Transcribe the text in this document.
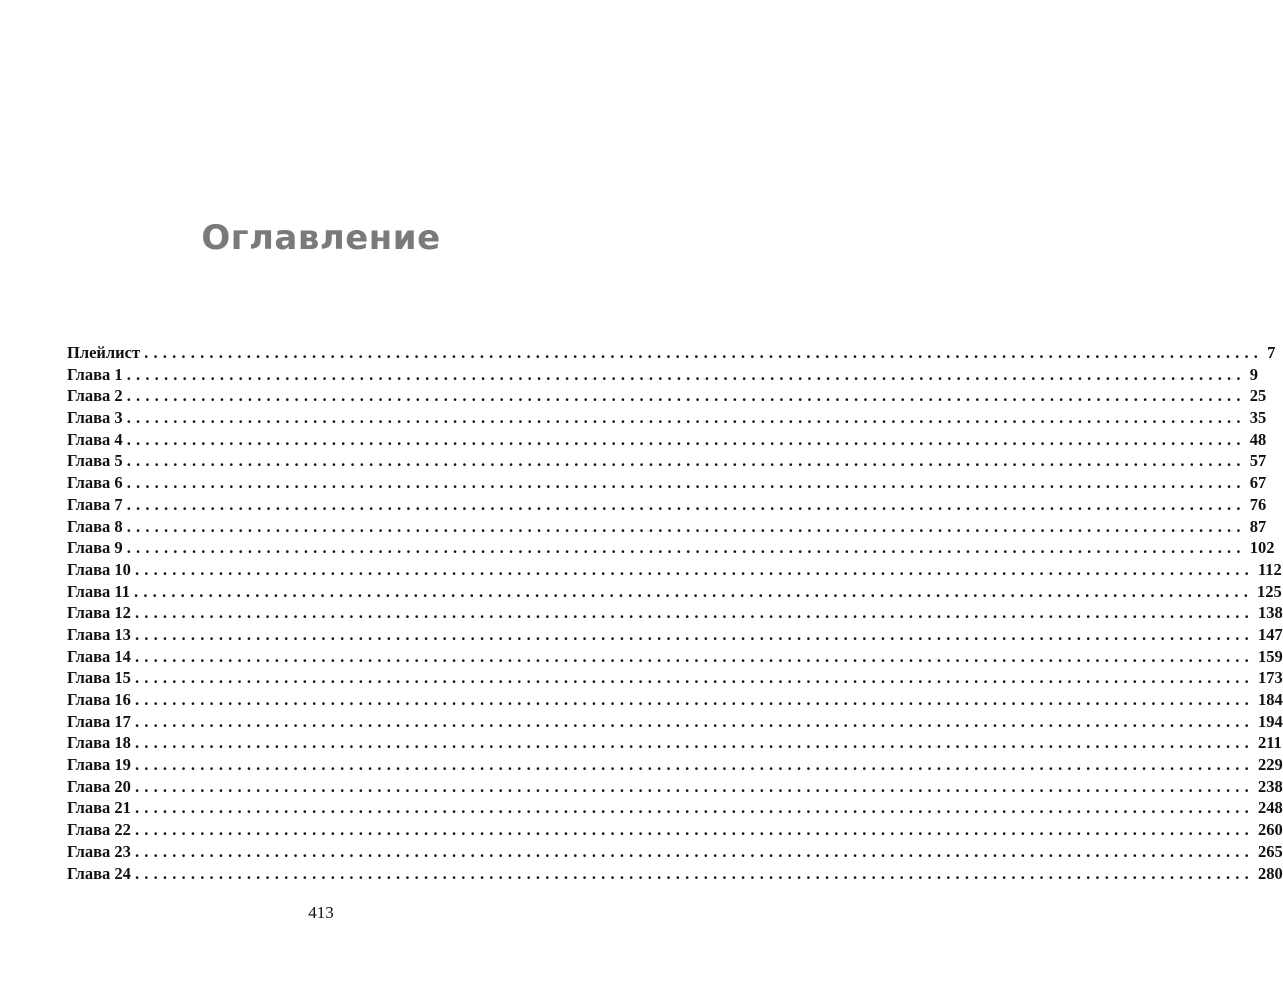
Оглавление
Плейлист ........................................................................................................................ 7
Глава 1 ........................................................................................................................ 9
Глава 2 ........................................................................................................................ 25
Глава 3 ........................................................................................................................ 35
Глава 4 ........................................................................................................................ 48
Глава 5 ........................................................................................................................ 57
Глава 6 ........................................................................................................................ 67
Глава 7 ........................................................................................................................ 76
Глава 8 ........................................................................................................................ 87
Глава 9 ........................................................................................................................ 102
Глава 10 ........................................................................................................................ 112
Глава 11 ........................................................................................................................ 125
Глава 12 ........................................................................................................................ 138
Глава 13 ........................................................................................................................ 147
Глава 14 ........................................................................................................................ 159
Глава 15 ........................................................................................................................ 173
Глава 16 ........................................................................................................................ 184
Глава 17 ........................................................................................................................ 194
Глава 18 ........................................................................................................................ 211
Глава 19 ........................................................................................................................ 229
Глава 20 ........................................................................................................................ 238
Глава 21 ........................................................................................................................ 248
Глава 22 ........................................................................................................................ 260
Глава 23 ........................................................................................................................ 265
Глава 24 ........................................................................................................................ 280
413
